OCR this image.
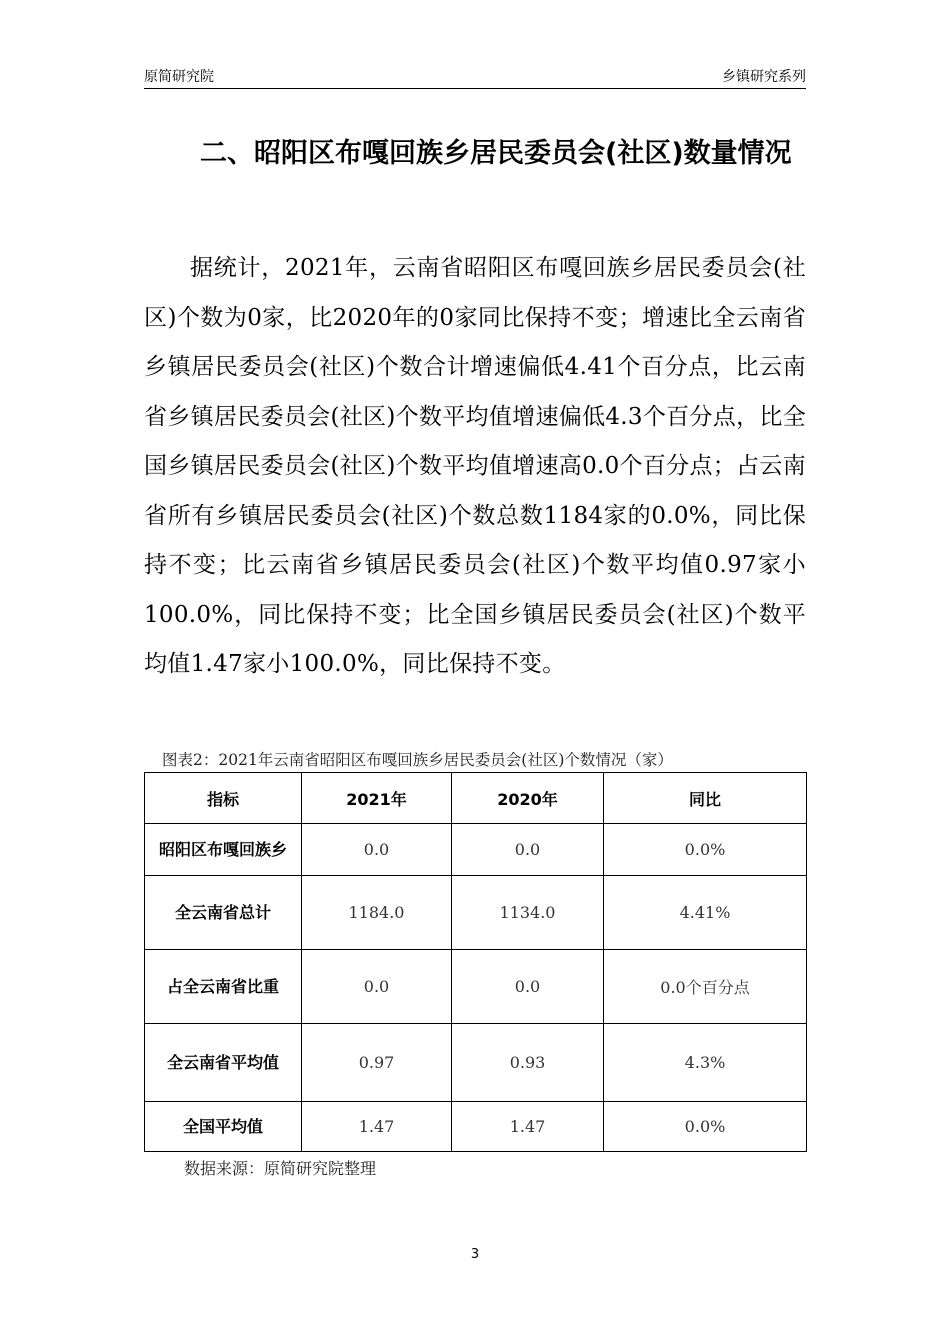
原简研究院	乡镇研究系列
二、昭阳区布嘎回族乡居民委员会(社区)数量情况

据统计，2021年，云南省昭阳区布嘎回族乡居民委员会(社区)个数为0家，比2020年的0家同比保持不变；增速比全云南省乡镇居民委员会(社区)个数合计增速偏低4.41个百分点，比云南省乡镇居民委员会(社区)个数平均值增速偏低4.3个百分点，比全国乡镇居民委员会(社区)个数平均值增速高0.0个百分点；占云南省所有乡镇居民委员会(社区)个数总数1184家的0.0%，同比保持不变；比云南省乡镇居民委员会(社区)个数平均值0.97家小100.0%，同比保持不变；比全国乡镇居民委员会(社区)个数平均值1.47家小100.0%，同比保持不变。

图表2：2021年云南省昭阳区布嘎回族乡居民委员会(社区)个数情况（家）
指标	2021年	2020年	同比
昭阳区布嘎回族乡	0.0	0.0	0.0%
全云南省总计	1184.0	1134.0	4.41%
占全云南省比重	0.0	0.0	0.0个百分点
全云南省平均值	0.97	0.93	4.3%
全国平均值	1.47	1.47	0.0%
数据来源：原简研究院整理
3
